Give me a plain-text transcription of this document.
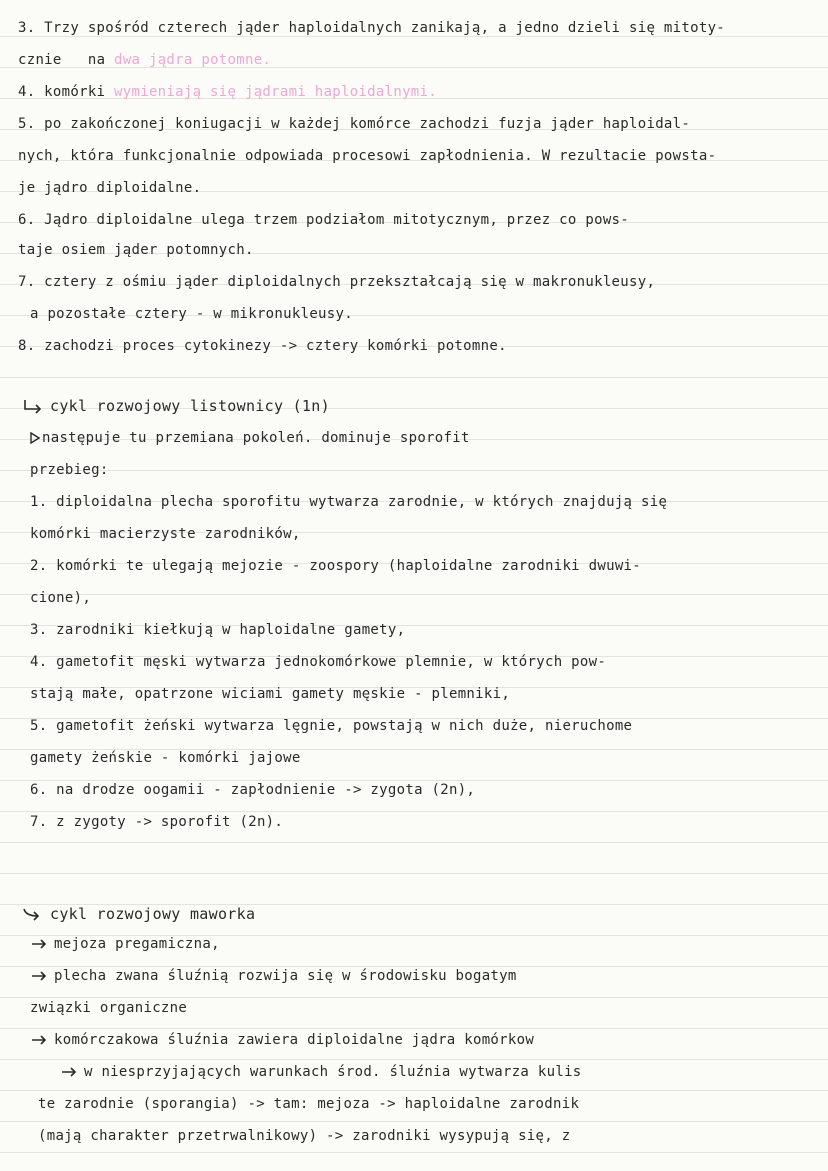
3. Trzy spośród czterech jąder haploidalnych zanikają, a jedno dzieli się mitoty-
cznie na dwa jądra potomne.
4. komórki wymieniają się jądrami haploidalnymi.
5. po zakończonej koniugacji w każdej komórce zachodzi fuzja jąder haploidal-
nych, która funkcjonalnie odpowiada procesowi zapłodnienia. W rezultacie powsta-
je jądro diploidalne.
6. Jądro diploidalne ulega trzem podziałom mitotycznym, przez co pows-
taje osiem jąder potomnych.
7. cztery z ośmiu jąder diploidalnych przekształcają się w makronukleusy,
a pozostałe cztery - w mikronukleusy.
8. zachodzi proces cytokinezy -> cztery komórki potomne.
cykl rozwojowy listownicy (1n)
następuje tu przemiana pokoleń. dominuje sporofit
przebieg:
1. diploidalna plecha sporofitu wytwarza zarodnie, w których znajdują się
komórki macierzyste zarodników,
2. komórki te ulegają mejozie - zoospory (haploidalne zarodniki dwuwi-
cione),
3. zarodniki kiełkują w haploidalne gamety,
4. gametofit męski wytwarza jednokomórkowe plemnie, w których pow-
stają małe, opatrzone wiciami gamety męskie - plemniki,
5. gametofit żeński wytwarza lęgnie, powstają w nich duże, nieruchome
gamety żeńskie - komórki jajowe
6. na drodze oogamii - zapłodnienie -> zygota (2n),
7. z zygoty -> sporofit (2n).
cykl rozwojowy maworka
mejoza pregamiczna,
plecha zwana śluźnią rozwija się w środowisku bogatym
związki organiczne
komórczakowa śluźnia zawiera diploidalne jądra komórkow
w niesprzyjających warunkach środ. śluźnia wytwarza kulis
te zarodnie (sporangia) -> tam: mejoza -> haploidalne zarodnik
(mają charakter przetrwalnikowy) -> zarodniki wysypują się, z
